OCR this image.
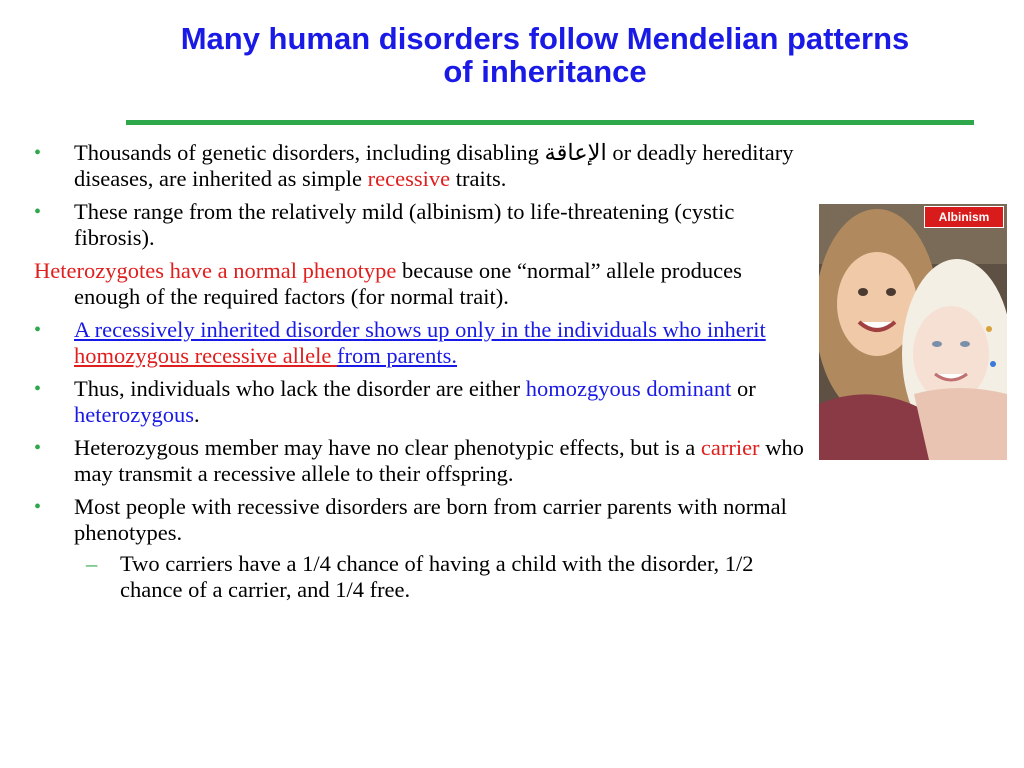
Many human disorders follow Mendelian patterns
of inheritance
•	Thousands of genetic disorders, including disabling الإعاقة or deadly hereditary diseases, are inherited as simple recessive traits.
•	These range from the relatively mild (albinism) to life-threatening (cystic fibrosis).
Heterozygotes have a normal phenotype because one “normal” allele produces enough of the required factors (for normal trait).
•	A recessively inherited disorder shows up only in the individuals who inherit homozygous recessive allele from parents.
•	Thus, individuals who lack the disorder are either homozgyous dominant or heterozygous.
•	Heterozygous member may have no clear phenotypic effects, but is a carrier who may transmit a recessive allele to their offspring.
•	Most people with recessive disorders are born from carrier parents with normal phenotypes.
– Two carriers have a 1/4 chance of having a child with the disorder, 1/2 chance of a carrier, and 1/4 free.
Albinism
